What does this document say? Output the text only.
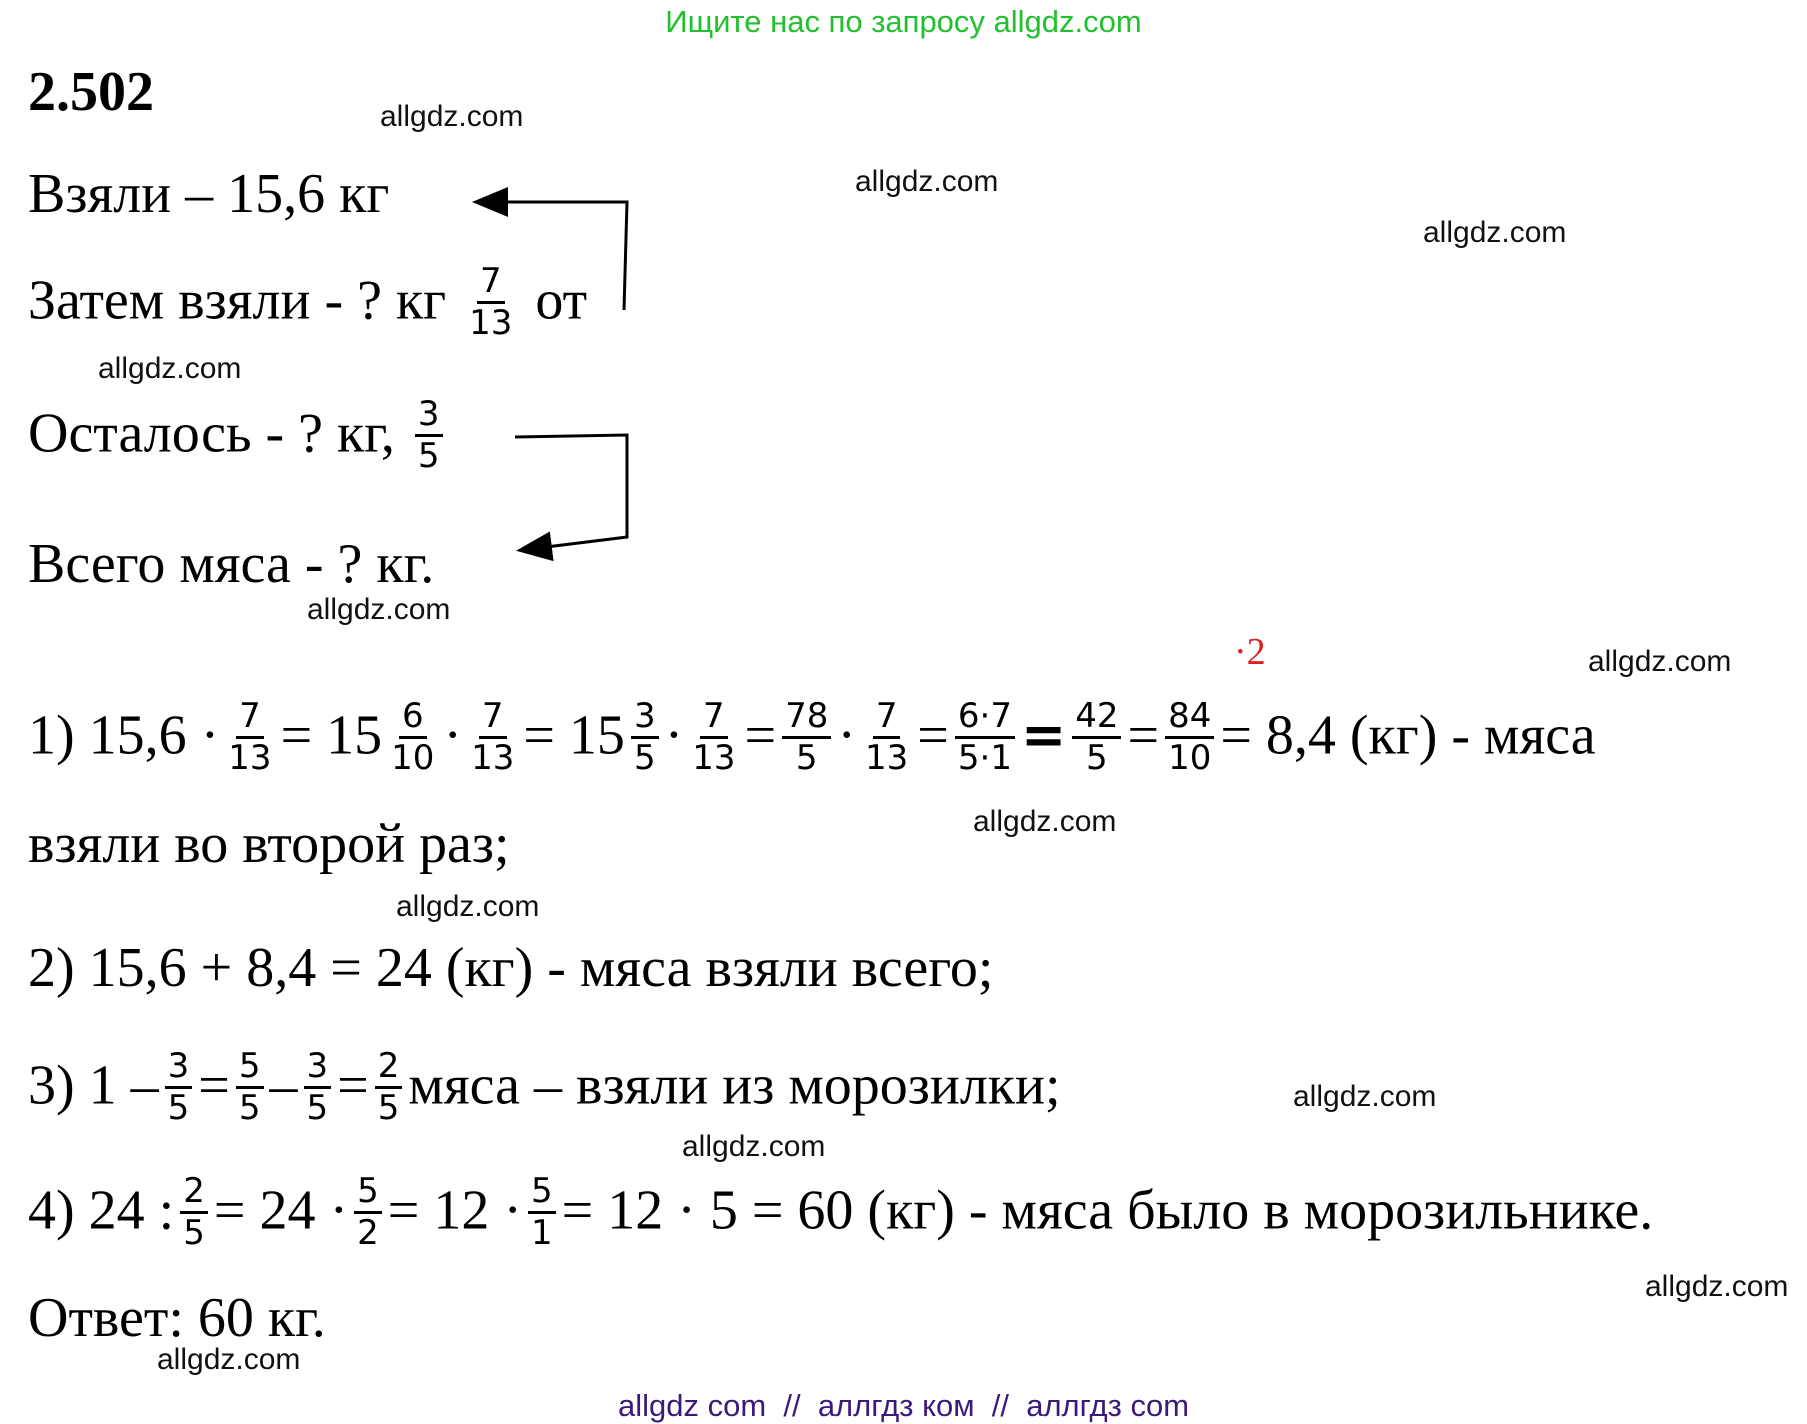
Ищите нас по запросу allgdz.com
2.502	allgdz.com
allgdz.com
allgdz.com
allgdz.com
allgdz.com
allgdz.com
allgdz.com
allgdz.com
allgdz.com
allgdz.com
allgdz.com
allgdz.com
Взяли – 15,6 кг
Затем взяли - ? кг $\frac{7}{13}$ от
Осталось - ? кг, $\frac{3}{5}$
Всего мяса - ? кг.
1) $15,6 \cdot \frac{7}{13} = 15 \frac{6}{10} \cdot \frac{7}{13} = 15 \frac{3}{5} \cdot \frac{7}{13} = \frac{78}{5} \cdot \frac{7}{13} = \frac{6\cdot 7}{5\cdot 1} = \frac{42}{5} = \frac{84}{10} = 8,4$ (кг) - мяса
·2
взяли во второй раз;
2) 15,6 + 8,4 = 24 (кг) - мяса взяли всего;
3) $1 - \frac{3}{5} = \frac{5}{5} - \frac{3}{5} = \frac{2}{5}$ мяса – взяли из морозилки;
4) 24 : $\frac{2}{5} = 24 \cdot \frac{5}{2} = 12 \cdot \frac{5}{1} = 12 \cdot 5 = 60$ (кг) - мяса было в морозильнике.
Ответ: 60 кг.
allgdz com  //  аллгдз ком  //  аллгдз com
